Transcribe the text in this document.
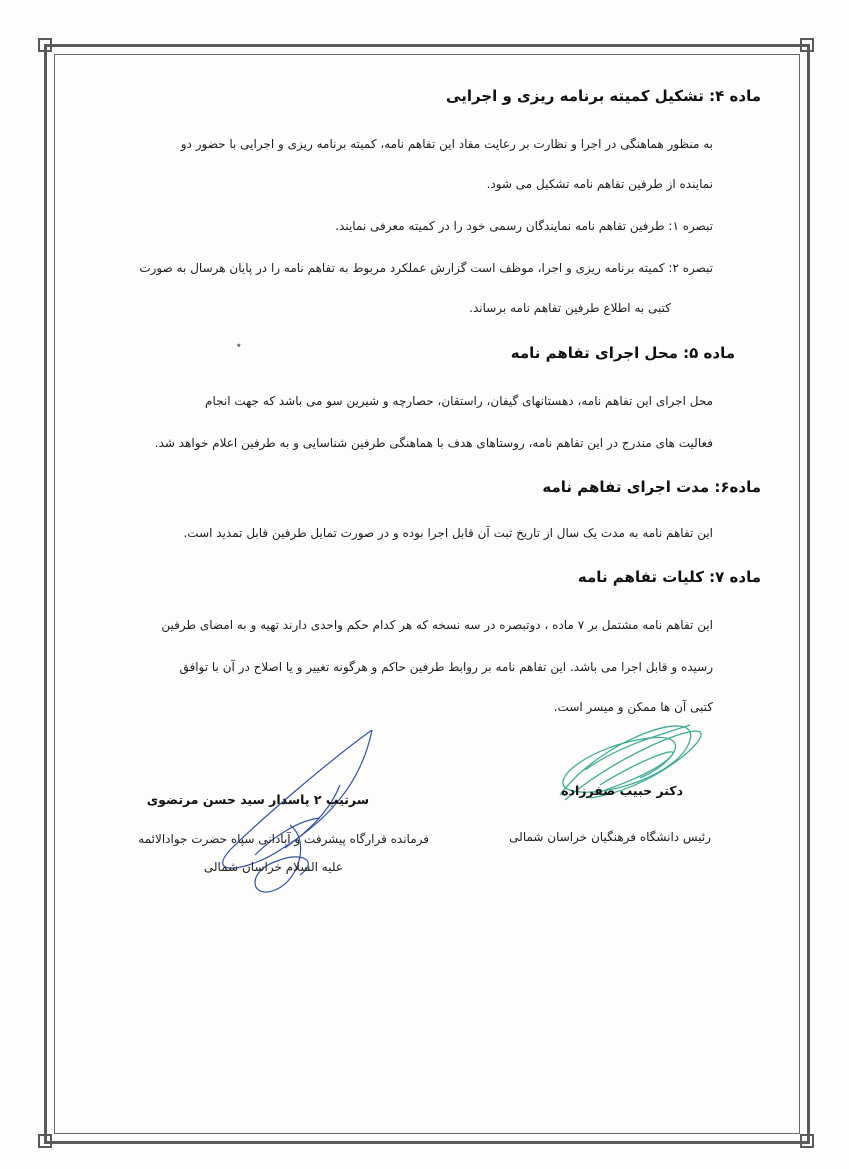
ماده ۴: تشکیل کمیته برنامه ریزی و اجرایی
به منظور هماهنگی در اجرا و نظارت بر رعایت مفاد این تفاهم نامه، کمیته برنامه ریزی و اجرایی با حضور دو
نماینده از طرفین تفاهم نامه تشکیل می شود.
تبصره ۱: طرفین تفاهم نامه نمایندگان رسمی خود را در کمیته معرفی نمایند.
تبصره ۲: کمیته برنامه ریزی و اجرا، موظف است گزارش عملکرد مربوط به تفاهم نامه را در پایان هرسال به صورت
کتبی به اطلاع طرفین تفاهم نامه برساند.
٭	ماده ۵: محل اجرای تفاهم نامه
محل اجرای این تفاهم نامه، دهستانهای گیفان، راستقان، حصارچه و شیرین سو می باشد که جهت انجام
فعالیت های مندرج در این تفاهم نامه، روستاهای هدف با هماهنگی طرفین شناسایی و به طرفین اعلام خواهد شد.
ماده۶: مدت اجرای تفاهم نامه
این تفاهم نامه به مدت یک سال از تاریخ ثبت آن قابل اجرا بوده و در صورت تمایل طرفین قابل تمدید است.
ماده ۷: کلیات تفاهم نامه
این تفاهم نامه مشتمل بر ۷ ماده ، دوتبصره در سه نسخه که هر کدام حکم واحدی دارند تهیه و به امضای طرفین
رسیده و قابل اجرا می باشد. این تفاهم نامه بر روابط طرفین حاکم و هرگونه تغییر و یا اصلاح در آن با توافق
کتبی آن ها ممکن و میسر است.
دکتر حبیب صفرزاده
رئیس دانشگاه فرهنگیان خراسان شمالی
سرتیپ ۲ پاسدار سید حسن مرتضوی
فرمانده قرارگاه پیشرفت و آبادانی سپاه حضرت جوادالائمه
علیه السلام خراسان شمالی
